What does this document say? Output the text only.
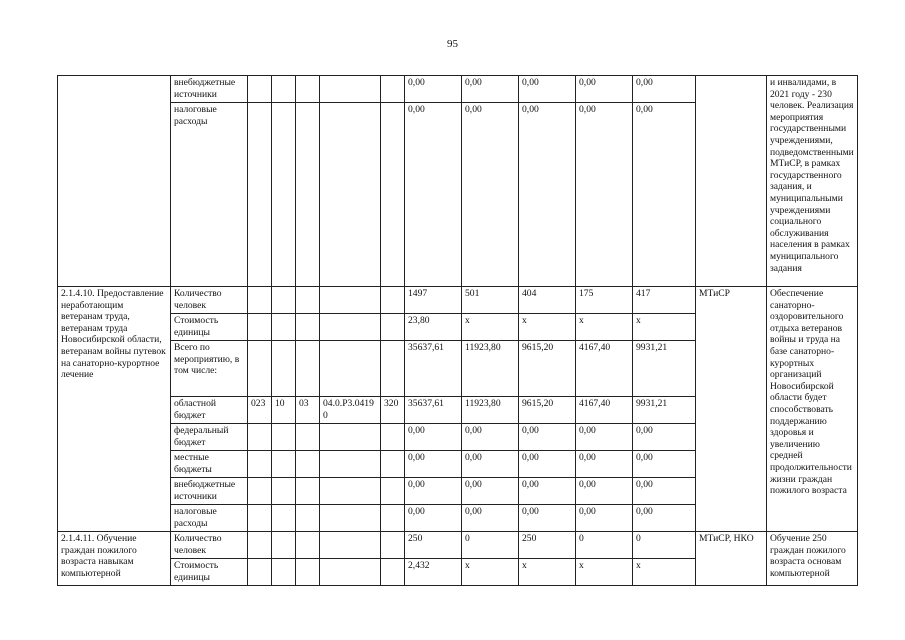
95
	внебюджетные источники						0,00	0,00	0,00	0,00	0,00		и инвалидами, в 2021 году - 230 человек. Реализация мероприятия государственными учреждениями, подведомственными МТиСР, в рамках государственного задания, и муниципальными учреждениями социального обслуживания населения в рамках муниципального задания
	налоговые расходы						0,00	0,00	0,00	0,00	0,00		
2.1.4.10. Предоставление неработающим ветеранам труда, ветеранам труда Новосибирской области, ветеранам войны путевок на санаторно-курортное лечение	Количество человек						1497	501	404	175	417	МТиСР	Обеспечение санаторно-оздоровительного отдыха ветеранов войны и труда на базе санаторно-курортных организаций Новосибирской области будет способствовать поддержанию здоровья и увеличению средней продолжительности жизни граждан пожилого возраста
	Стоимость единицы						23,80	x	x	x	x		
	Всего по мероприятию, в том числе:						35637,61	11923,80	9615,20	4167,40	9931,21		
	областной бюджет	023	10	03	04.0.P3.04190	320	35637,61	11923,80	9615,20	4167,40	9931,21		
	федеральный бюджет						0,00	0,00	0,00	0,00	0,00		
	местные бюджеты						0,00	0,00	0,00	0,00	0,00		
	внебюджетные источники						0,00	0,00	0,00	0,00	0,00		
	налоговые расходы						0,00	0,00	0,00	0,00	0,00		
2.1.4.11. Обучение граждан пожилого возраста навыкам компьютерной	Количество человек						250	0	250	0	0	МТиСР, НКО	Обучение 250 граждан пожилого возраста основам компьютерной
	Стоимость единицы						2,432	x	x	x	x		
